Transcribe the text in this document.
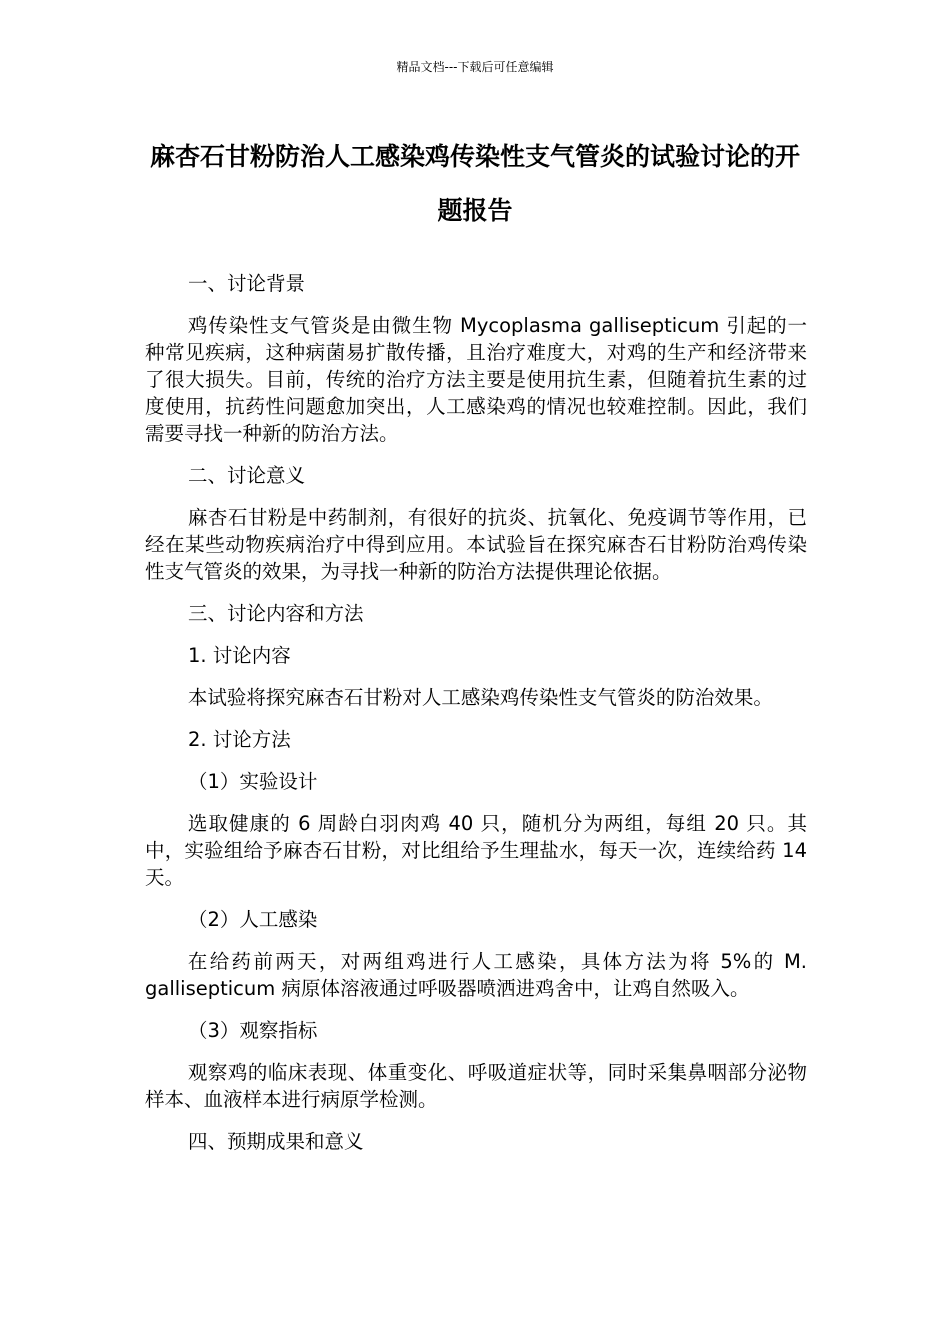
精品文档---下载后可任意编辑
麻杏石甘粉防治人工感染鸡传染性支气管炎的试验讨论的开题报告
一、讨论背景
鸡传染性支气管炎是由微生物 Mycoplasma gallisepticum 引起的一种常见疾病，这种病菌易扩散传播，且治疗难度大，对鸡的生产和经济带来了很大损失。目前，传统的治疗方法主要是使用抗生素，但随着抗生素的过度使用，抗药性问题愈加突出，人工感染鸡的情况也较难控制。因此，我们需要寻找一种新的防治方法。
二、讨论意义
麻杏石甘粉是中药制剂，有很好的抗炎、抗氧化、免疫调节等作用，已经在某些动物疾病治疗中得到应用。本试验旨在探究麻杏石甘粉防治鸡传染性支气管炎的效果，为寻找一种新的防治方法提供理论依据。
三、讨论内容和方法
1. 讨论内容
本试验将探究麻杏石甘粉对人工感染鸡传染性支气管炎的防治效果。
2. 讨论方法
（1）实验设计
选取健康的 6 周龄白羽肉鸡 40 只，随机分为两组，每组 20 只。其中，实验组给予麻杏石甘粉，对比组给予生理盐水，每天一次，连续给药 14 天。
（2）人工感染
在给药前两天，对两组鸡进行人工感染，具体方法为将 5%的 M. gallisepticum 病原体溶液通过呼吸器喷洒进鸡舍中，让鸡自然吸入。
（3）观察指标
观察鸡的临床表现、体重变化、呼吸道症状等，同时采集鼻咽部分泌物样本、血液样本进行病原学检测。
四、预期成果和意义
